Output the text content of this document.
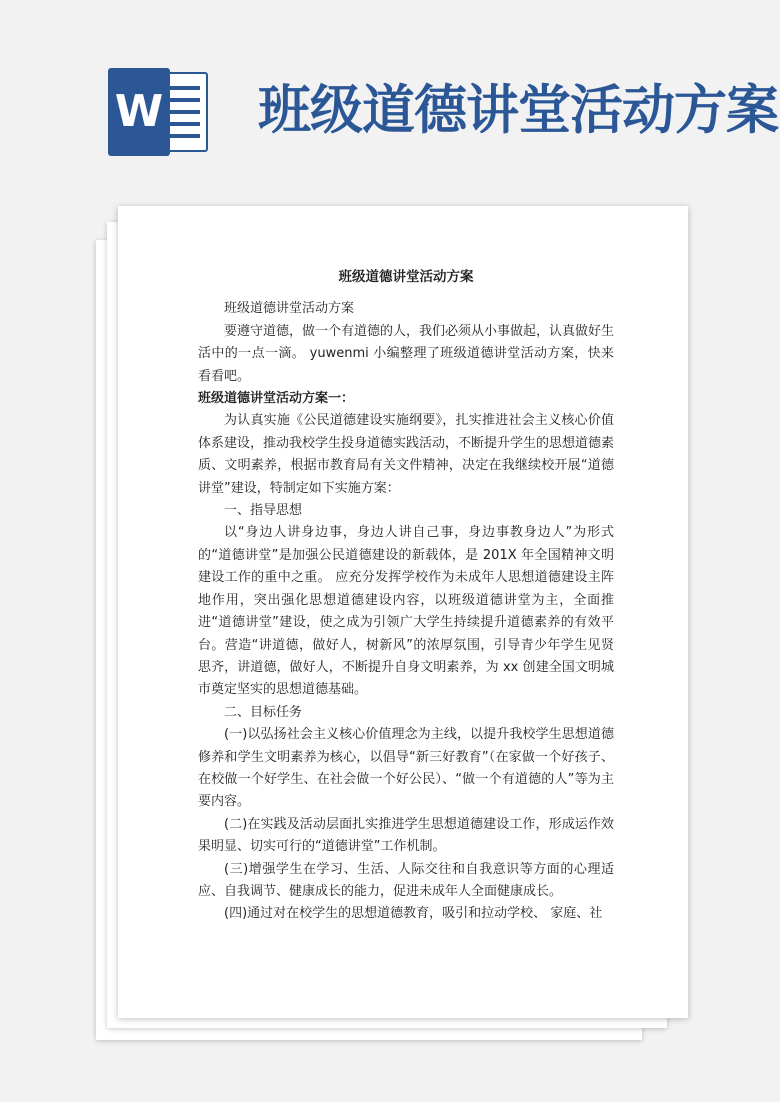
W 班级道德讲堂活动方案
班级道德讲堂活动方案

班级道德讲堂活动方案

要遵守道德，做一个有道德的人，我们必须从小事做起，认真做好生活中的一点一滴。 yuwenmi 小编整理了班级道德讲堂活动方案，快来看看吧。

班级道德讲堂活动方案一：

为认真实施《公民道德建设实施纲要》，扎实推进社会主义核心价值体系建设，推动我校学生投身道德实践活动，不断提升学生的思想道德素质、文明素养，根据市教育局有关文件精神，决定在我继续校开展“道德讲堂”建设，特制定如下实施方案：

一、指导思想

以“身边人讲身边事，身边人讲自己事，身边事教身边人”为形式的“道德讲堂”是加强公民道德建设的新载体，是 201X 年全国精神文明建设工作的重中之重。 应充分发挥学校作为未成年人思想道德建设主阵地作用，突出强化思想道德建设内容，以班级道德讲堂为主，全面推进“道德讲堂”建设，使之成为引领广大学生持续提升道德素养的有效平台。营造“讲道德，做好人，树新风”的浓厚氛围，引导青少年学生见贤思齐，讲道德，做好人，不断提升自身文明素养，为 xx 创建全国文明城市奠定坚实的思想道德基础。

二、目标任务

(一)以弘扬社会主义核心价值理念为主线，以提升我校学生思想道德修养和学生文明素养为核心，以倡导“新三好教育”（在家做一个好孩子、在校做一个好学生、在社会做一个好公民）、“做一个有道德的人”等为主要内容。

(二)在实践及活动层面扎实推进学生思想道德建设工作，形成运作效果明显、切实可行的“道德讲堂”工作机制。

(三)增强学生在学习、生活、人际交往和自我意识等方面的心理适应、自我调节、健康成长的能力，促进未成年人全面健康成长。

(四)通过对在校学生的思想道德教育，吸引和拉动学校、 家庭、社
